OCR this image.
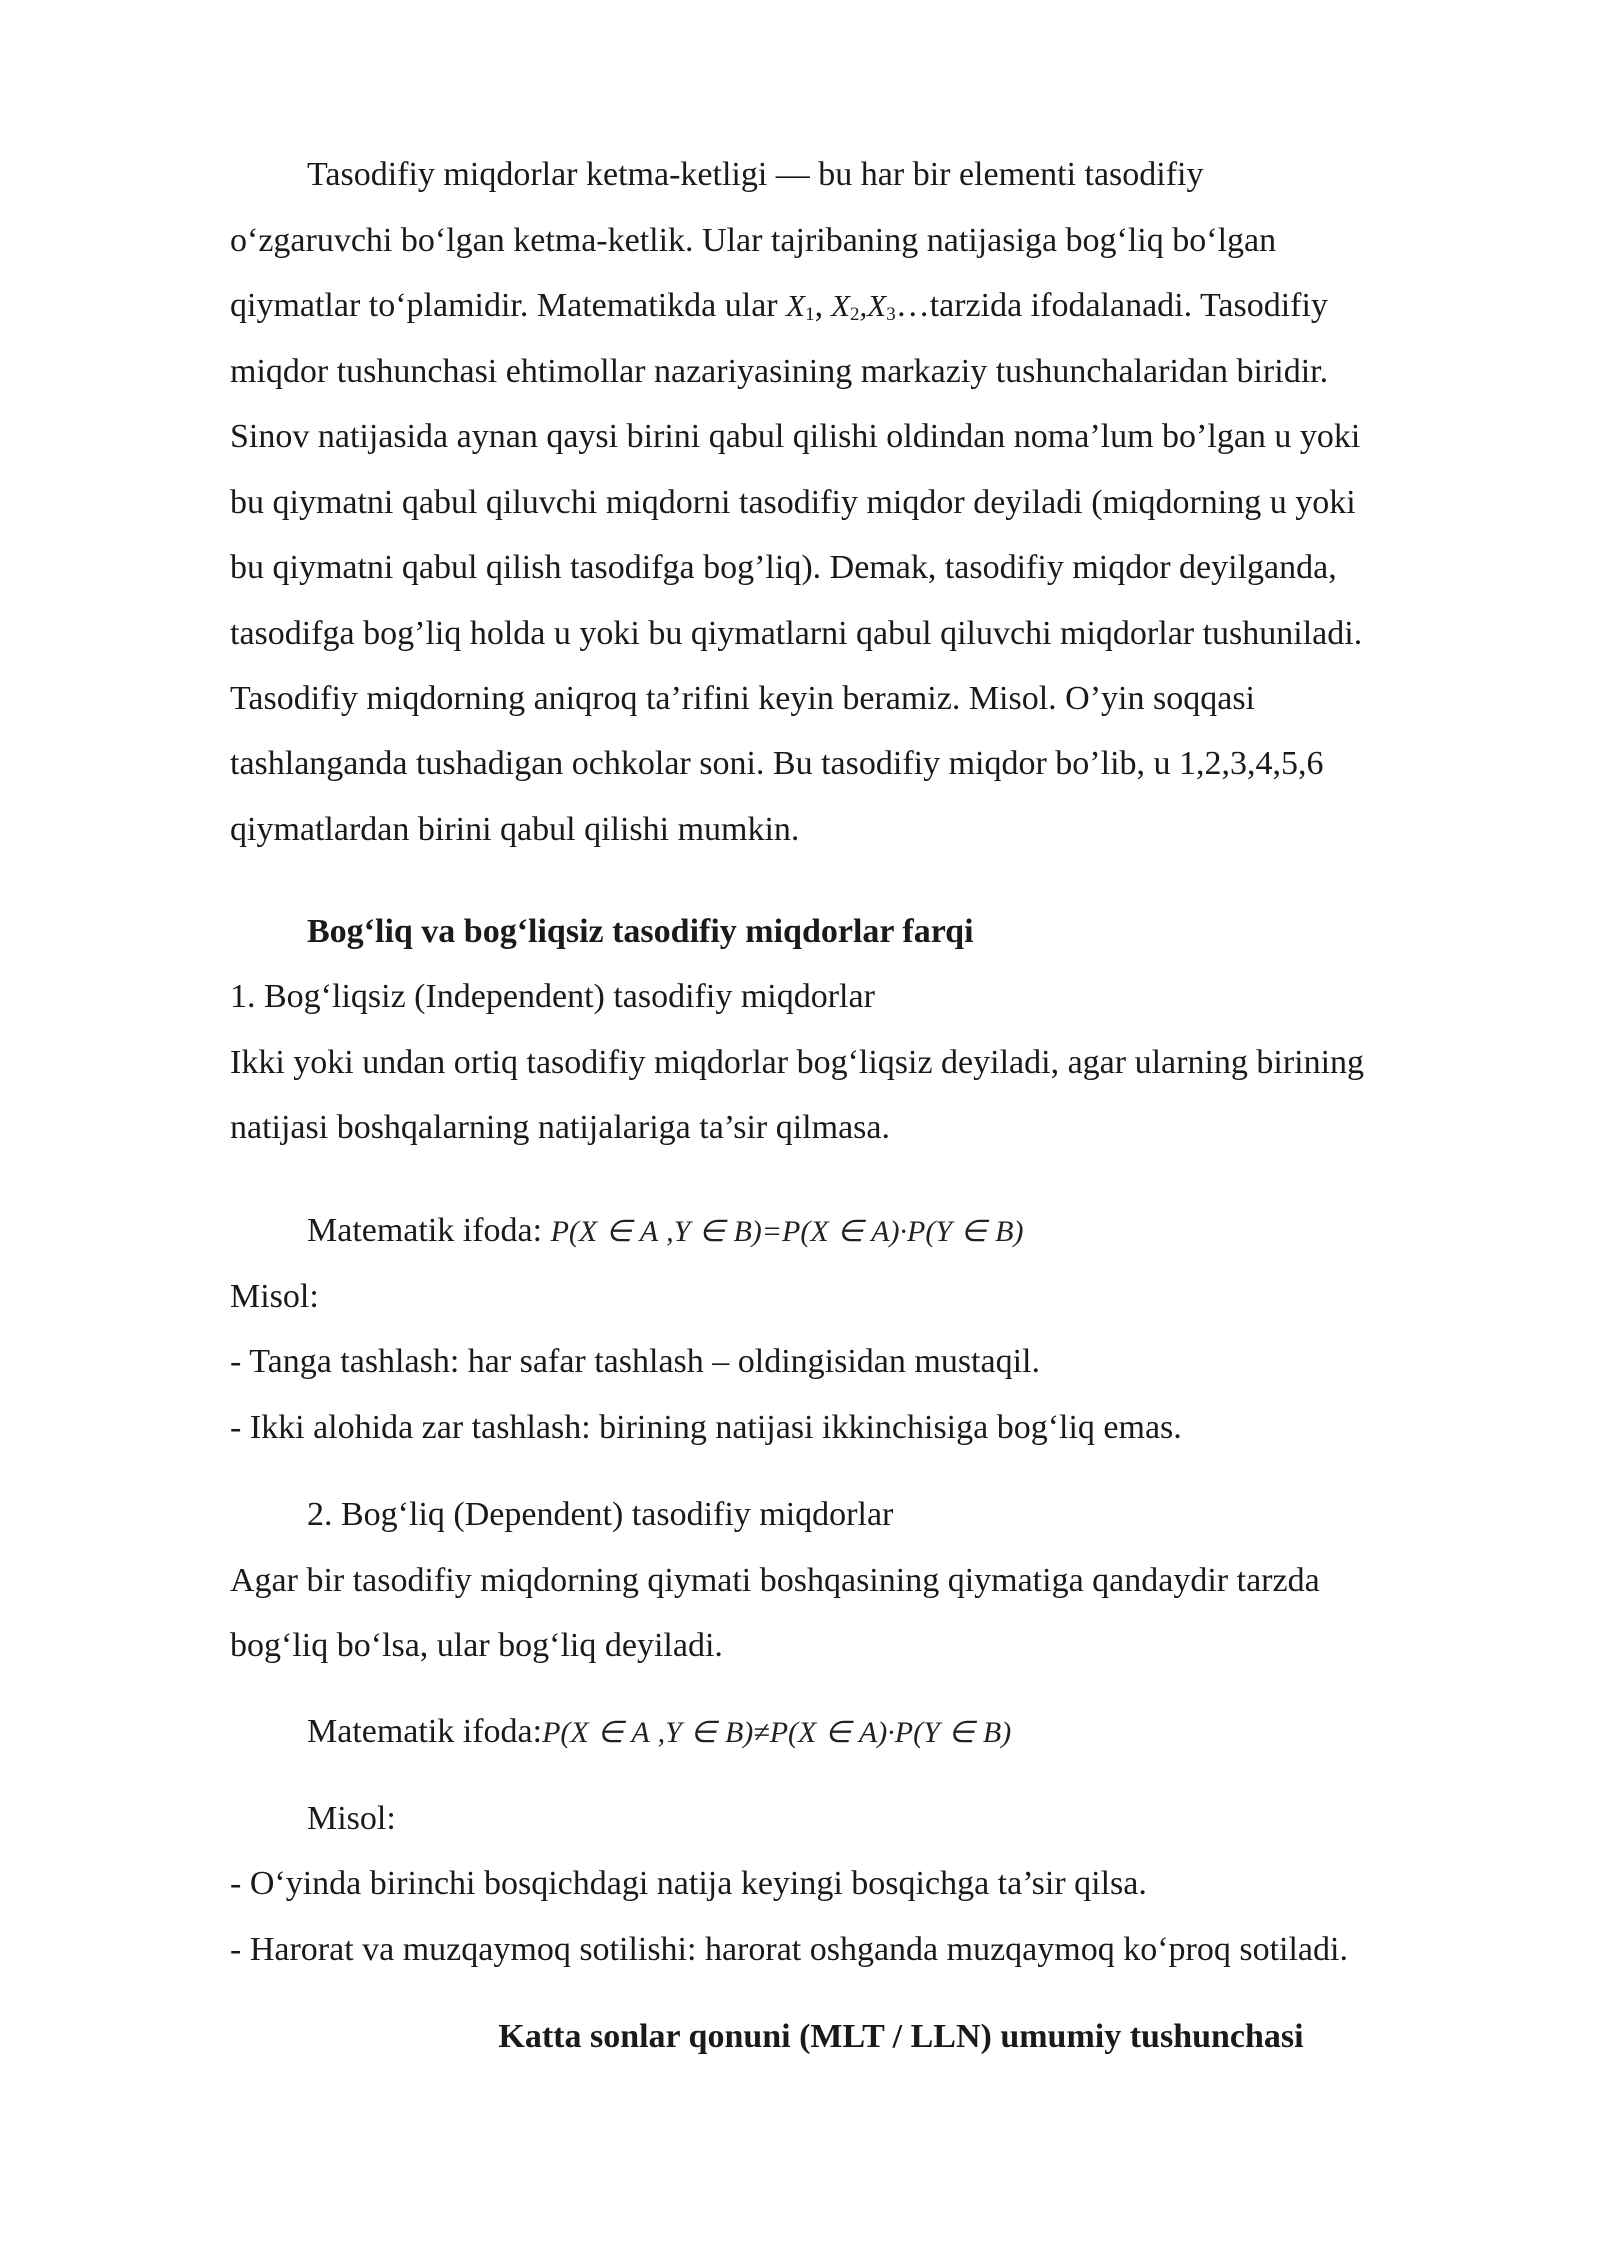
Tasodifiy miqdorlar ketma-ketligi — bu har bir elementi tasodifiy
o‘zgaruvchi bo‘lgan ketma-ketlik. Ular tajribaning natijasiga bog‘liq bo‘lgan
qiymatlar to‘plamidir. Matematikda ular $X_1$, $X_2,X_3\dots tarzida$ ifodalanadi. Tasodifiy
miqdor tushunchasi ehtimollar nazariyasining markaziy tushunchalaridan biridir.
Sinov natijasida aynan qaysi birini qabul qilishi oldindan noma’lum bo’lgan u yoki
bu qiymatni qabul qiluvchi miqdorni tasodifiy miqdor deyiladi (miqdorning u yoki
bu qiymatni qabul qilish tasodifga bog’liq). Demak, tasodifiy miqdor deyilganda,
tasodifga bog’liq holda u yoki bu qiymatlarni qabul qiluvchi miqdorlar tushuniladi.
Tasodifiy miqdorning aniqroq ta’rifini keyin beramiz. Misol. O’yin soqqasi
tashlanganda tushadigan ochkolar soni. Bu tasodifiy miqdor bo’lib, u 1,2,3,4,5,6
qiymatlardan birini qabul qilishi mumkin.
Bog‘liq va bog‘liqsiz tasodifiy miqdorlar farqi
1. Bog‘liqsiz (Independent) tasodifiy miqdorlar
Ikki yoki undan ortiq tasodifiy miqdorlar bog‘liqsiz deyiladi, agar ularning birining
natijasi boshqalarning natijalariga ta’sir qilmasa.
Matematik ifoda: P(X ∈ A ,Y ∈ B)=P(X ∈ A)·P(Y ∈ B)
Misol:
- Tanga tashlash: har safar tashlash – oldingisidan mustaqil.
- Ikki alohida zar tashlash: birining natijasi ikkinchisiga bog‘liq emas.
2. Bog‘liq (Dependent) tasodifiy miqdorlar
Agar bir tasodifiy miqdorning qiymati boshqasining qiymatiga qandaydir tarzda
bog‘liq bo‘lsa, ular bog‘liq deyiladi.
Matematik ifoda:P(X ∈ A ,Y ∈ B)≠P(X ∈ A)·P(Y ∈ B)
Misol:
- O‘yinda birinchi bosqichdagi natija keyingi bosqichga ta’sir qilsa.
- Harorat va muzqaymoq sotilishi: harorat oshganda muzqaymoq ko‘proq sotiladi.
Katta sonlar qonuni (MLT / LLN) umumiy tushunchasi
